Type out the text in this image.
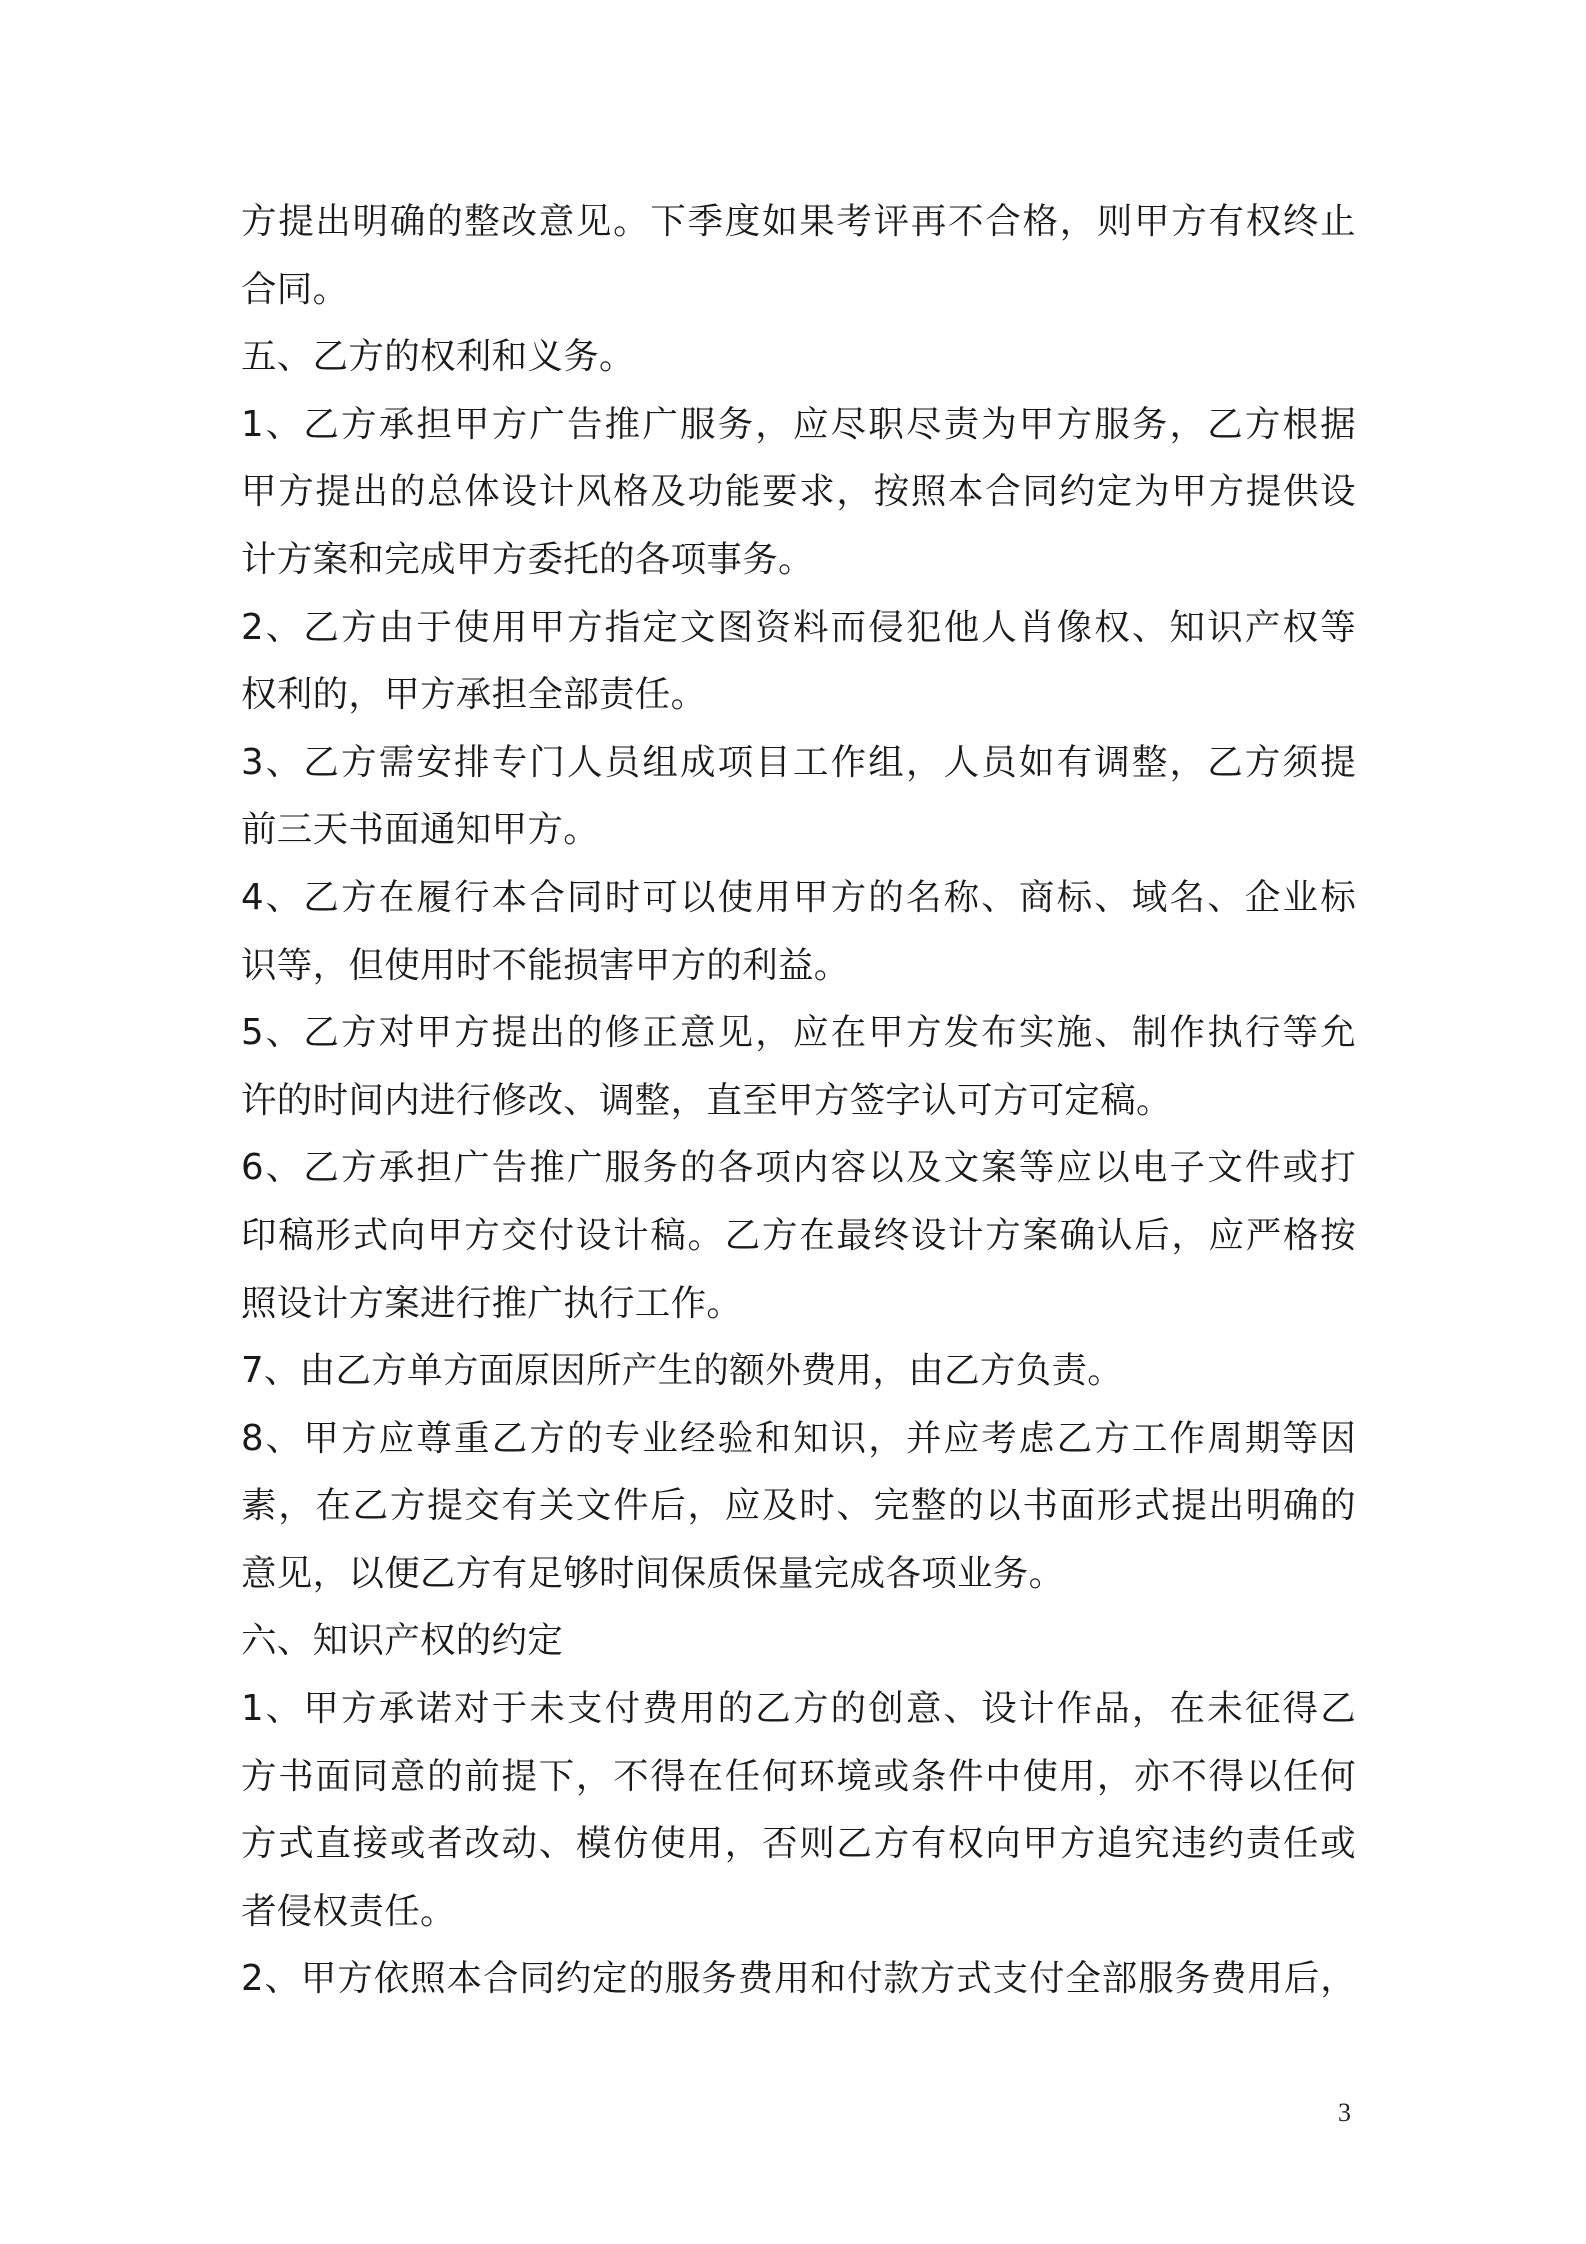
方提出明确的整改意见。下季度如果考评再不合格，则甲方有权终止
合同。
五、乙方的权利和义务。
1、乙方承担甲方广告推广服务，应尽职尽责为甲方服务，乙方根据
甲方提出的总体设计风格及功能要求，按照本合同约定为甲方提供设
计方案和完成甲方委托的各项事务。
2、乙方由于使用甲方指定文图资料而侵犯他人肖像权、知识产权等
权利的，甲方承担全部责任。
3、乙方需安排专门人员组成项目工作组，人员如有调整，乙方须提
前三天书面通知甲方。
4、乙方在履行本合同时可以使用甲方的名称、商标、域名、企业标
识等，但使用时不能损害甲方的利益。
5、乙方对甲方提出的修正意见，应在甲方发布实施、制作执行等允
许的时间内进行修改、调整，直至甲方签字认可方可定稿。
6、乙方承担广告推广服务的各项内容以及文案等应以电子文件或打
印稿形式向甲方交付设计稿。乙方在最终设计方案确认后，应严格按
照设计方案进行推广执行工作。
7、由乙方单方面原因所产生的额外费用，由乙方负责。
8、甲方应尊重乙方的专业经验和知识，并应考虑乙方工作周期等因
素，在乙方提交有关文件后，应及时、完整的以书面形式提出明确的
意见，以便乙方有足够时间保质保量完成各项业务。
六、知识产权的约定
1、甲方承诺对于未支付费用的乙方的创意、设计作品，在未征得乙
方书面同意的前提下，不得在任何环境或条件中使用，亦不得以任何
方式直接或者改动、模仿使用，否则乙方有权向甲方追究违约责任或
者侵权责任。
2、甲方依照本合同约定的服务费用和付款方式支付全部服务费用后，
3
